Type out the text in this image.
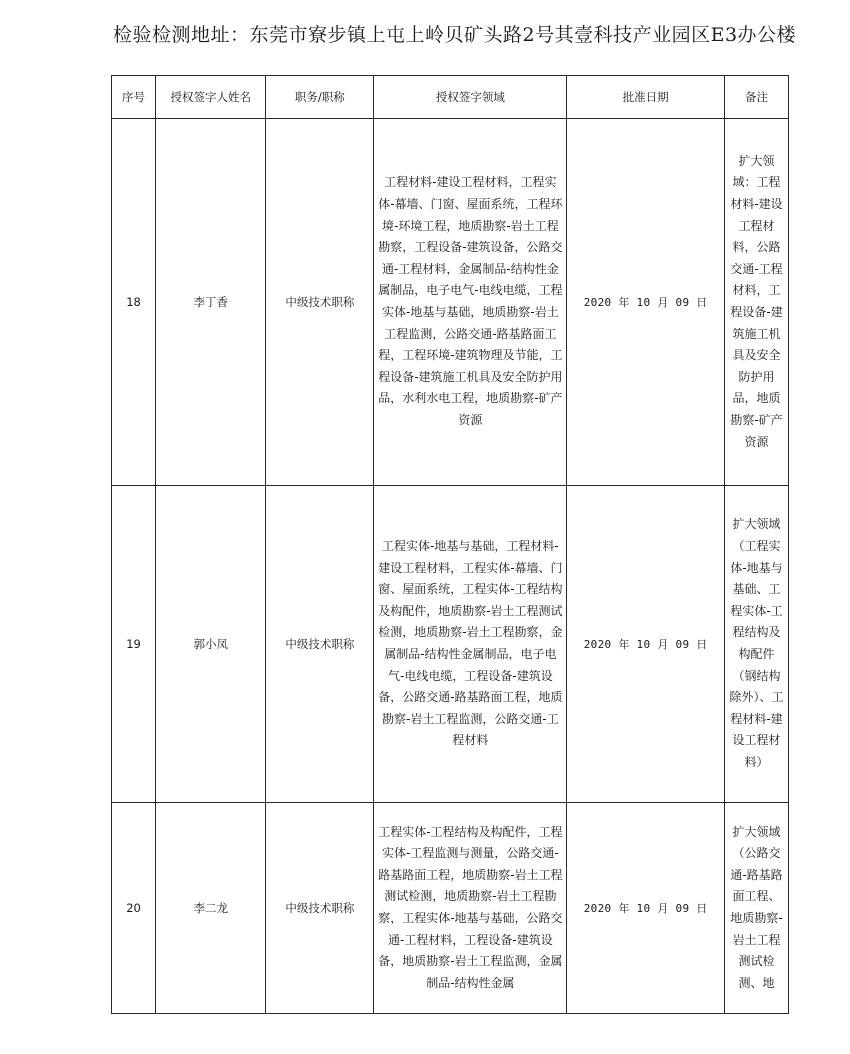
检验检测地址：东莞市寮步镇上屯上岭贝矿头路2号其壹科技产业园区E3办公楼
序号	授权签字人姓名	职务/职称	授权签字领域	批准日期	备注
18	李丁香	中级技术职称	工程材料-建设工程材料，工程实体-幕墙、门窗、屋面系统，工程环境-环境工程，地质勘察-岩土工程勘察，工程设备-建筑设备，公路交通-工程材料，金属制品-结构性金属制品，电子电气-电线电缆，工程实体-地基与基础，地质勘察-岩土工程监测，公路交通-路基路面工程，工程环境-建筑物理及节能，工程设备-建筑施工机具及安全防护用品，水利水电工程，地质勘察-矿产资源	2020 年 10 月 09 日	扩大领域：工程材料-建设工程材料，公路交通-工程材料，工程设备-建筑施工机具及安全防护用品，地质勘察-矿产资源
19	郭小凤	中级技术职称	工程实体-地基与基础，工程材料-建设工程材料，工程实体-幕墙、门窗、屋面系统，工程实体-工程结构及构配件，地质勘察-岩土工程测试检测，地质勘察-岩土工程勘察，金属制品-结构性金属制品，电子电气-电线电缆，工程设备-建筑设备，公路交通-路基路面工程，地质勘察-岩土工程监测，公路交通-工程材料	2020 年 10 月 09 日	扩大领域（工程实体-地基与基础、工程实体-工程结构及构配件（钢结构除外）、工程材料-建设工程材料）
20	李二龙	中级技术职称	工程实体-工程结构及构配件，工程实体-工程监测与测量，公路交通-路基路面工程，地质勘察-岩土工程测试检测，地质勘察-岩土工程勘察，工程实体-地基与基础，公路交通-工程材料，工程设备-建筑设备，地质勘察-岩土工程监测，金属制品-结构性金属	2020 年 10 月 09 日	扩大领域（公路交通-路基路面工程、地质勘察-岩土工程测试检测、地
